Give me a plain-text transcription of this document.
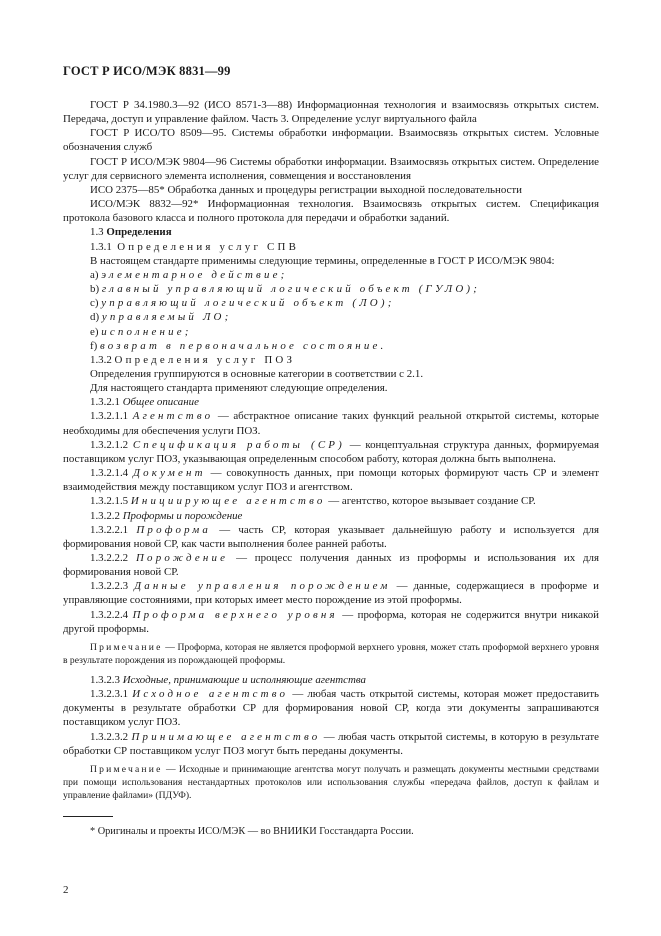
ГОСТ Р ИСО/МЭК 8831—99

ГОСТ Р 34.1980.3—92 (ИСО 8571-3—88) Информационная технология и взаимосвязь открытых систем. Передача, доступ и управление файлом. Часть 3. Определение услуг виртуального файла

ГОСТ Р ИСО/ТО 8509—95. Системы обработки информации. Взаимосвязь открытых систем. Условные обозначения служб

ГОСТ Р ИСО/МЭК 9804—96 Системы обработки информации. Взаимосвязь открытых систем. Определение услуг для сервисного элемента исполнения, совмещения и восстановления

ИСО 2375—85* Обработка данных и процедуры регистрации выходной последовательности

ИСО/МЭК 8832—92* Информационная технология. Взаимосвязь открытых систем. Спецификация протокола базового класса и полного протокола для передачи и обработки заданий.

1.3 Определения

1.3.1 Определения услуг СПВ

В настоящем стандарте применимы следующие термины, определенные в ГОСТ Р ИСО/МЭК 9804:

а) элементарное действие;

b) главный управляющий логический объект (ГУЛО);

c) управляющий логический объект (ЛО);

d) управляемый ЛО;

e) исполнение;

f) возврат в первоначальное состояние.

1.3.2 Определения услуг ПОЗ

Определения группируются в основные категории в соответствии с 2.1.

Для настоящего стандарта применяют следующие определения.

1.3.2.1 Общее описание

1.3.2.1.1 Агентство — абстрактное описание таких функций реальной открытой системы, которые необходимы для обеспечения услуги ПОЗ.

1.3.2.1.2 Спецификация работы (СР) — концептуальная структура данных, формируемая поставщиком услуг ПОЗ, указывающая определенным способом работу, которая должна быть выполнена.

1.3.2.1.4 Документ — совокупность данных, при помощи которых формируют часть СР и элемент взаимодействия между поставщиком услуг ПОЗ и агентством.

1.3.2.1.5 Инициирующее агентство — агентство, которое вызывает создание СР.

1.3.2.2 Проформы и порождение

1.3.2.2.1 Проформа — часть СР, которая указывает дальнейшую работу и используется для формирования новой СР, как части выполнения более ранней работы.

1.3.2.2.2 Порождение — процесс получения данных из проформы и использования их для формирования новой СР.

1.3.2.2.3 Данные управления порождением — данные, содержащиеся в проформе и управляющие состояниями, при которых имеет место порождение из этой проформы.

1.3.2.2.4 Проформа верхнего уровня — проформа, которая не содержится внутри никакой другой проформы.

Примечание — Проформа, которая не является проформой верхнего уровня, может стать проформой верхнего уровня в результате порождения из порождающей проформы.

1.3.2.3 Исходные, принимающие и исполняющие агентства

1.3.2.3.1 Исходное агентство — любая часть открытой системы, которая может предоставить документы в результате обработки СР для формирования новой СР, когда эти документы запрашиваются поставщиком услуг ПОЗ.

1.3.2.3.2 Принимающее агентство — любая часть открытой системы, в которую в результате обработки СР поставщиком услуг ПОЗ могут быть переданы документы.

Примечание — Исходные и принимающие агентства могут получать и размещать документы местными средствами при помощи использования нестандартных протоколов или использования службы «передача файлов, доступ к файлам и управление файлами» (ПДУФ).

* Оригиналы и проекты ИСО/МЭК — во ВНИИКИ Госстандарта России.
2
